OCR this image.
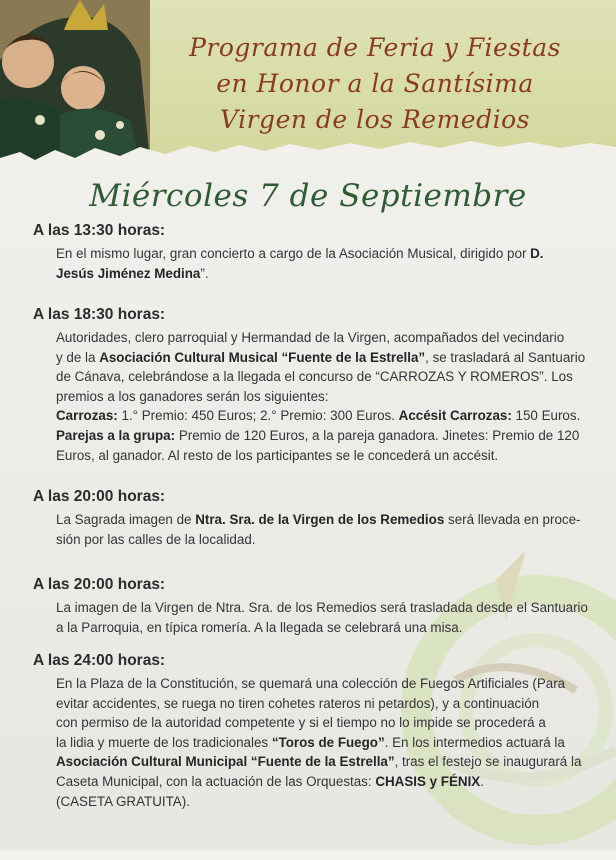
Programa de Feria y Fiestas
en Honor a la Santísima
Virgen de los Remedios
Miércoles 7 de Septiembre
A las 13:30 horas:
En el mismo lugar, gran concierto a cargo de la Asociación Musical, dirigido por D.
Jesús Jiménez Medina”.
A las 18:30 horas:
Autoridades, clero parroquial y Hermandad de la Virgen, acompañados del vecindario
y de la Asociación Cultural Musical “Fuente de la Estrella”, se trasladará al Santuario
de Cánava, celebrándose a la llegada el concurso de “CARROZAS Y ROMEROS”. Los
premios a los ganadores serán los siguientes:
Carrozas: 1.° Premio: 450 Euros; 2.° Premio: 300 Euros. Accésit Carrozas: 150 Euros.
Parejas a la grupa: Premio de 120 Euros, a la pareja ganadora. Jinetes: Premio de 120
Euros, al ganador. Al resto de los participantes se le concederá un accésit.
A las 20:00 horas:
La Sagrada imagen de Ntra. Sra. de la Virgen de los Remedios será llevada en proce-
sión por las calles de la localidad.
A las 20:00 horas:
La imagen de la Virgen de Ntra. Sra. de los Remedios será trasladada desde el Santuario
a la Parroquia, en típica romería. A la llegada se celebrará una misa.
A las 24:00 horas:
En la Plaza de la Constitución, se quemará una colección de Fuegos Artificiales (Para
evitar accidentes, se ruega no tiren cohetes rateros ni petardos), y a continuación
con permiso de la autoridad competente y si el tiempo no lo impide se procederá a
la lidia y muerte de los tradicionales “Toros de Fuego”. En los intermedios actuará la
Asociación Cultural Municipal “Fuente de la Estrella”, tras el festejo se inaugurará la
Caseta Municipal, con la actuación de las Orquestas: CHASIS y FÉNIX.
(CASETA GRATUITA).
